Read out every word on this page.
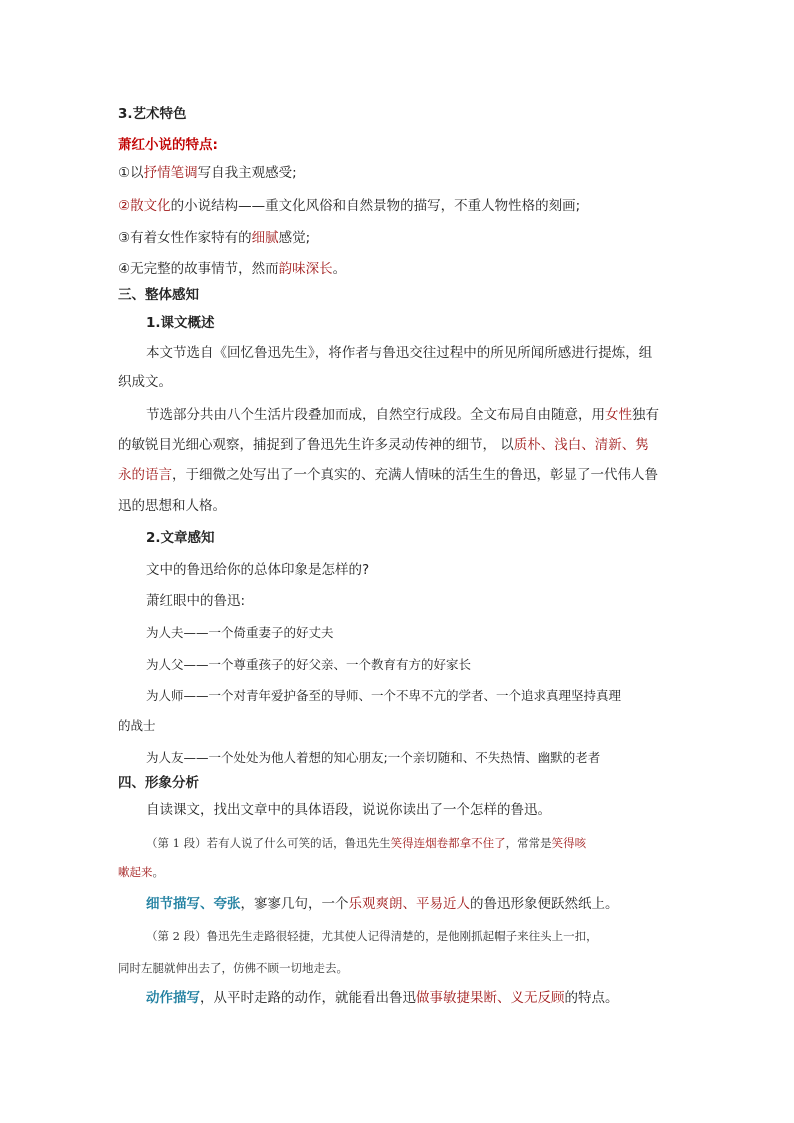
3.艺术特色
萧红小说的特点:
①以抒情笔调写自我主观感受;
②散文化的小说结构——重文化风俗和自然景物的描写，不重人物性格的刻画;
③有着女性作家特有的细腻感觉;
④无完整的故事情节，然而韵味深长。
三、整体感知
1.课文概述
本文节选自《回忆鲁迅先生》，将作者与鲁迅交往过程中的所见所闻所感进行提炼，组
织成文。
节选部分共由八个生活片段叠加而成，自然空行成段。全文布局自由随意，用女性独有
的敏锐目光细心观察，捕捉到了鲁迅先生许多灵动传神的细节， 以质朴、浅白、清新、隽
永的语言，于细微之处写出了一个真实的、充满人情味的活生生的鲁迅，彰显了一代伟人鲁
迅的思想和人格。
2.文章感知
文中的鲁迅给你的总体印象是怎样的?
萧红眼中的鲁迅:
为人夫——一个倚重妻子的好丈夫
为人父——一个尊重孩子的好父亲、一个教育有方的好家长
为人师——一个对青年爱护备至的导师、一个不卑不亢的学者、一个追求真理坚持真理
的战士
为人友——一个处处为他人着想的知心朋友;一个亲切随和、不失热情、幽默的老者
四、形象分析
自读课文，找出文章中的具体语段，说说你读出了一个怎样的鲁迅。
（第 1 段）若有人说了什么可笑的话，鲁迅先生笑得连烟卷都拿不住了，常常是笑得咳
嗽起来。
细节描写、夸张，寥寥几句，一个乐观爽朗、平易近人的鲁迅形象便跃然纸上。
（第 2 段）鲁迅先生走路很轻捷，尤其使人记得清楚的，是他刚抓起帽子来往头上一扣，
同时左腿就伸出去了，仿佛不顾一切地走去。
动作描写，从平时走路的动作，就能看出鲁迅做事敏捷果断、义无反顾的特点。
